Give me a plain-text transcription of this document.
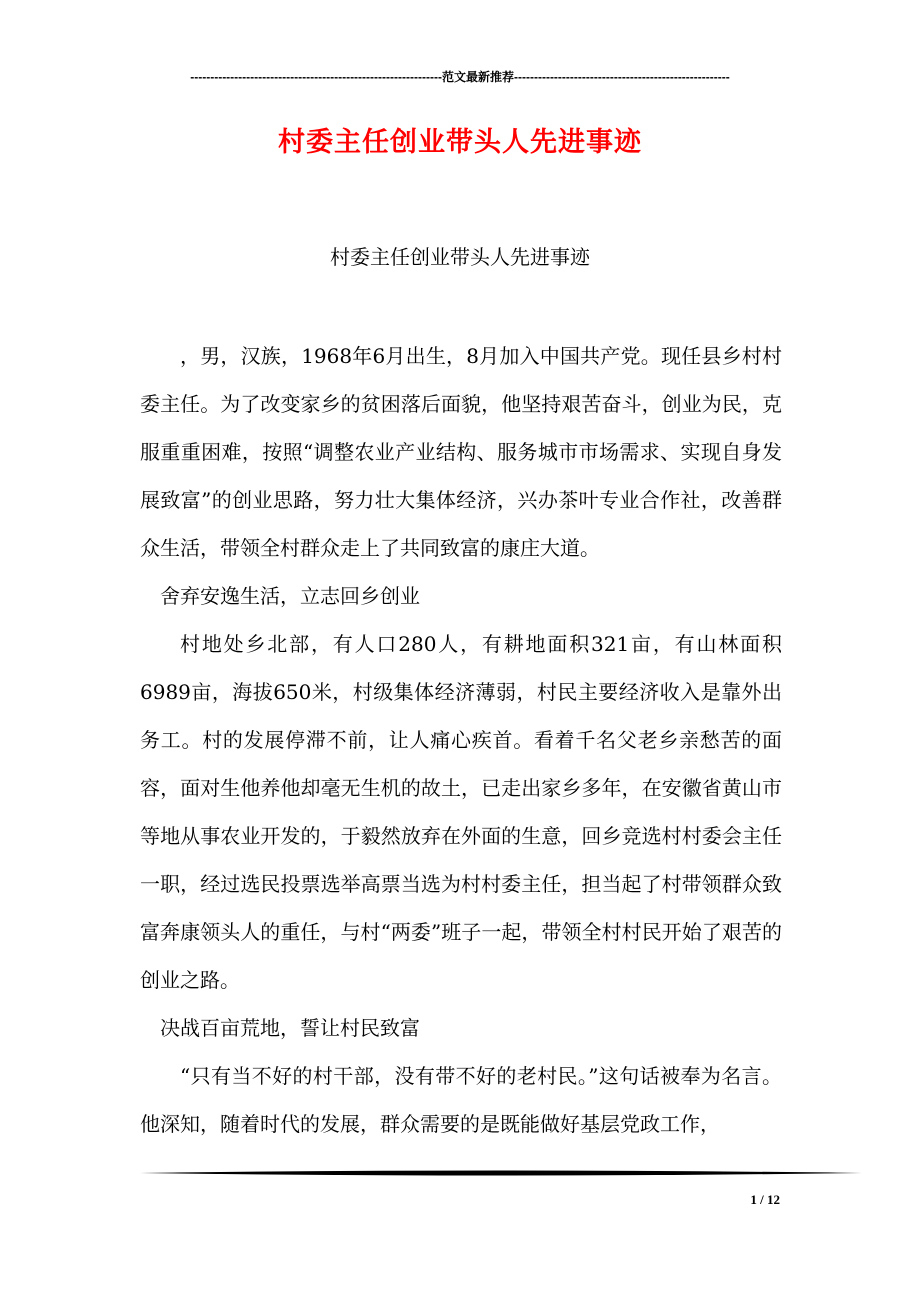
---------------------------------------------------------------范文最新推荐------------------------------------------------------
村委主任创业带头人先进事迹
村委主任创业带头人先进事迹

，男，汉族，1968年6月出生，8月加入中国共产党。现任县乡村村委主任。为了改变家乡的贫困落后面貌，他坚持艰苦奋斗，创业为民，克服重重困难，按照“调整农业产业结构、服务城市市场需求、实现自身发展致富”的创业思路，努力壮大集体经济，兴办茶叶专业合作社，改善群众生活，带领全村群众走上了共同致富的康庄大道。

舍弃安逸生活，立志回乡创业

村地处乡北部，有人口280人，有耕地面积321亩，有山林面积6989亩，海拔650米，村级集体经济薄弱，村民主要经济收入是靠外出务工。村的发展停滞不前，让人痛心疾首。看着千名父老乡亲愁苦的面容，面对生他养他却毫无生机的故土，已走出家乡多年，在安徽省黄山市等地从事农业开发的，于毅然放弃在外面的生意，回乡竞选村村委会主任一职，经过选民投票选举高票当选为村村委主任，担当起了村带领群众致富奔康领头人的重任，与村“两委”班子一起，带领全村村民开始了艰苦的创业之路。

决战百亩荒地，誓让村民致富

“只有当不好的村干部，没有带不好的老村民。”这句话被奉为名言。他深知，随着时代的发展，群众需要的是既能做好基层党政工作，

1 / 12
